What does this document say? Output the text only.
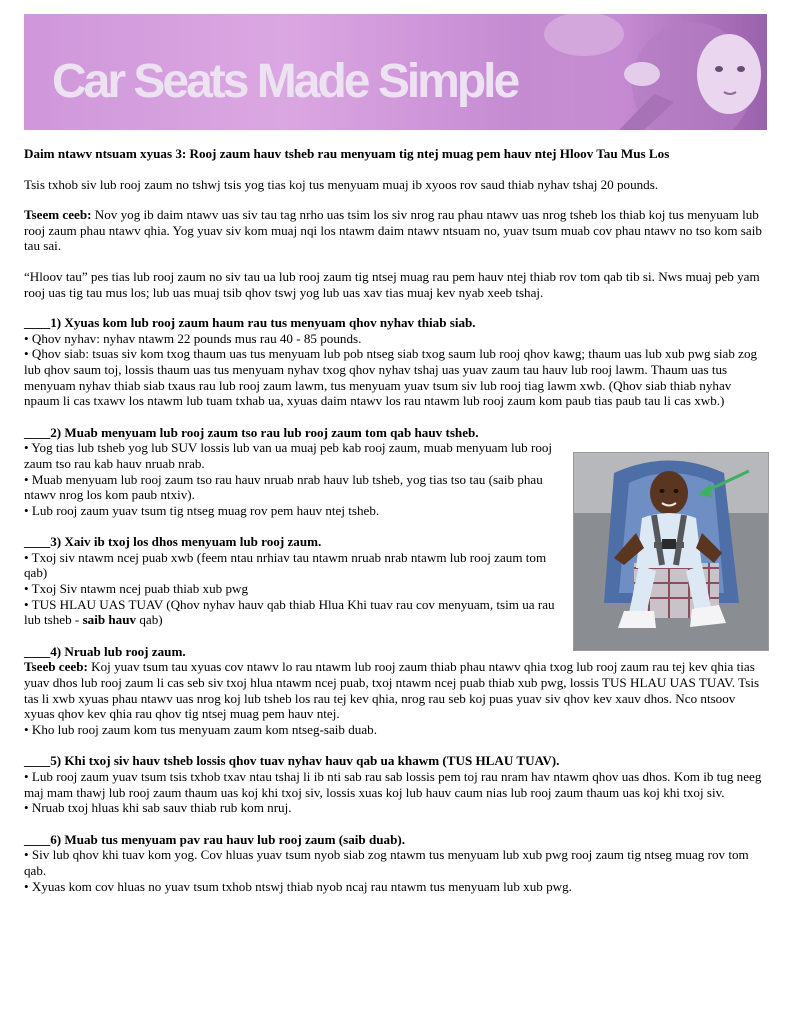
Car Seats Made Simple
Daim ntawv ntsuam xyuas 3: Rooj zaum hauv tsheb rau menyuam tig ntej muag pem hauv ntej Hloov Tau Mus Los

Tsis txhob siv lub rooj zaum no tshwj tsis yog tias koj tus menyuam muaj ib xyoos rov saud thiab nyhav tshaj 20 pounds.

Tseem ceeb: Nov yog ib daim ntawv uas siv tau tag nrho uas tsim los siv nrog rau phau ntawv uas nrog tsheb los thiab koj tus menyuam lub rooj zaum phau ntawv qhia. Yog yuav siv kom muaj nqi los ntawm daim ntawv ntsuam no, yuav tsum muab cov phau ntawv no tso kom saib tau sai.

“Hloov tau” pes tias lub rooj zaum no siv tau ua lub rooj zaum tig ntsej muag rau pem hauv ntej thiab rov tom qab tib si. Nws muaj peb yam rooj uas tig tau mus los; lub uas muaj tsib qhov tswj yog lub uas xav tias muaj kev nyab xeeb tshaj.

____1) Xyuas kom lub rooj zaum haum rau tus menyuam qhov nyhav thiab siab.
• Qhov nyhav: nyhav ntawm 22 pounds mus rau 40 - 85 pounds.
• Qhov siab: tsuas siv kom txog thaum uas tus menyuam lub pob ntseg siab txog saum lub rooj qhov kawg; thaum uas lub xub pwg siab zog lub qhov saum toj, lossis thaum uas tus menyuam nyhav txog qhov nyhav tshaj uas yuav zaum tau hauv lub rooj lawm. Thaum uas tus menyuam nyhav thiab siab txaus rau lub rooj zaum lawm, tus menyuam yuav tsum siv lub rooj tiag lawm xwb. (Qhov siab thiab nyhav npaum li cas txawv los ntawm lub tuam txhab ua, xyuas daim ntawv los rau ntawm lub rooj zaum kom paub tias paub tau li cas xwb.)
____2) Muab menyuam lub rooj zaum tso rau lub rooj zaum tom qab hauv tsheb.
• Yog tias lub tsheb yog lub SUV lossis lub van ua muaj peb kab rooj zaum, muab menyuam lub rooj zaum tso rau kab hauv nruab nrab.
• Muab menyuam lub rooj zaum tso rau hauv nruab nrab hauv lub tsheb, yog tias tso tau (saib phau ntawv nrog los kom paub ntxiv).
• Lub rooj zaum yuav tsum tig ntseg muag rov pem hauv ntej tsheb.
____3) Xaiv ib txoj los dhos menyuam lub rooj zaum.
• Txoj siv ntawm ncej puab xwb (feem ntau nrhiav tau ntawm nruab nrab ntawm lub rooj zaum tom qab)
• Txoj Siv ntawm ncej puab thiab xub pwg
• TUS HLAU UAS TUAV (Qhov nyhav hauv qab thiab Hlua Khi tuav rau cov menyuam, tsim ua rau lub tsheb - saib hauv qab)
____4) Nruab lub rooj zaum.
Tseeb ceeb: Koj yuav tsum tau xyuas cov ntawv lo rau ntawm lub rooj zaum thiab phau ntawv qhia txog lub rooj zaum rau tej kev qhia tias yuav dhos lub rooj zaum li cas seb siv txoj hlua ntawm ncej puab, txoj ntawm ncej puab thiab xub pwg, lossis TUS HLAU UAS TUAV. Tsis tas li xwb xyuas phau ntawv uas nrog koj lub tsheb los rau tej kev qhia, nrog rau seb koj puas yuav siv qhov kev xauv dhos. Nco ntsoov xyuas qhov kev qhia rau qhov tig ntsej muag pem hauv ntej.
• Kho lub rooj zaum kom tus menyuam zaum kom ntseg-saib duab.
____5) Khi txoj siv hauv tsheb lossis qhov tuav nyhav hauv qab ua khawm (TUS HLAU TUAV).
• Lub rooj zaum yuav tsum tsis txhob txav ntau tshaj li ib nti sab rau sab lossis pem toj rau nram hav ntawm qhov uas dhos. Kom ib tug neeg maj mam thawj lub rooj zaum thaum uas koj khi txoj siv, lossis xuas koj lub hauv caum nias lub rooj zaum thaum uas koj khi txoj siv.
• Nruab txoj hluas khi sab sauv thiab rub kom nruj.
____6) Muab tus menyuam pav rau hauv lub rooj zaum (saib duab).
• Siv lub qhov khi tuav kom yog. Cov hluas yuav tsum nyob siab zog ntawm tus menyuam lub xub pwg rooj zaum tig ntseg muag rov tom qab.
• Xyuas kom cov hluas no yuav tsum txhob ntswj thiab nyob ncaj rau ntawm tus menyuam lub xub pwg.
